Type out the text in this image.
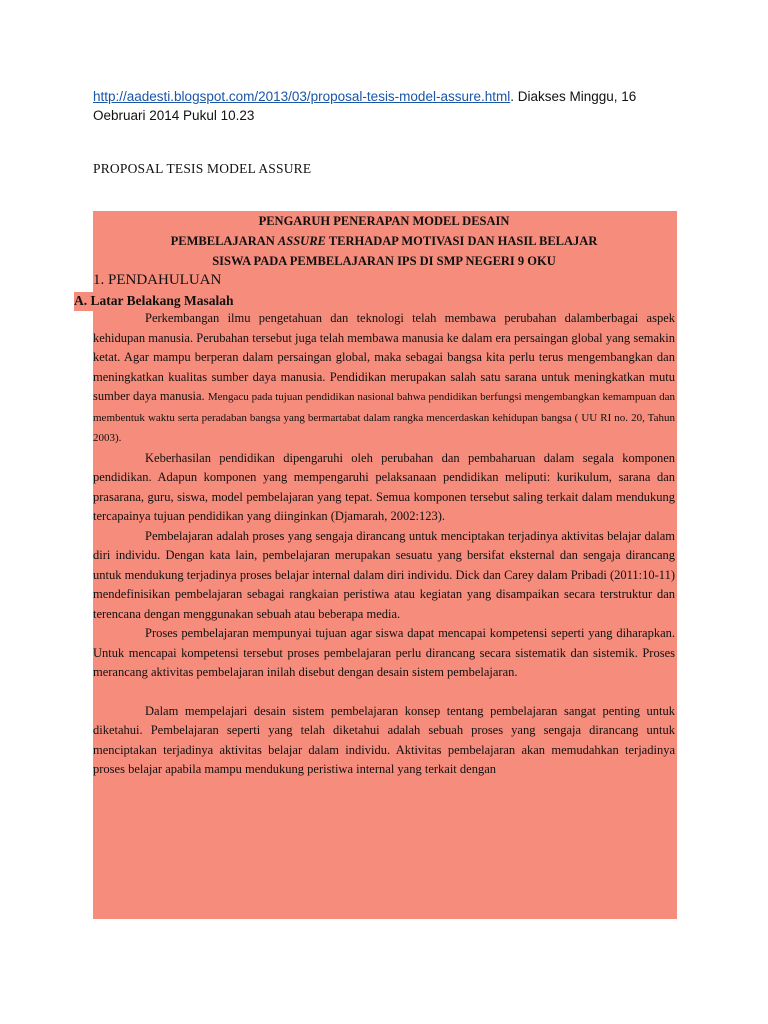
http://aadesti.blogspot.com/2013/03/proposal-tesis-model-assure.html. Diakses Minggu, 16 Oebruari 2014 Pukul 10.23
PROPOSAL TESIS MODEL ASSURE
PENGARUH PENERAPAN MODEL DESAIN
PEMBELAJARAN ASSURE TERHADAP MOTIVASI DAN HASIL BELAJAR
SISWA PADA PEMBELAJARAN IPS DI SMP NEGERI 9 OKU
1. PENDAHULUAN

Perkembangan ilmu pengetahuan dan teknologi telah membawa perubahan dalamberbagai aspek kehidupan manusia. Perubahan tersebut juga telah membawa manusia ke dalam era persaingan global yang semakin ketat. Agar mampu berperan dalam persaingan global, maka sebagai bangsa kita perlu terus mengembangkan dan meningkatkan kualitas sumber daya manusia. Pendidikan merupakan salah satu sarana untuk meningkatkan mutu sumber daya manusia. Mengacu pada tujuan pendidikan nasional bahwa pendidikan berfungsi mengembangkan kemampuan dan membentuk waktu serta peradaban bangsa yang bermartabat dalam rangka mencerdaskan kehidupan bangsa ( UU RI no. 20, Tahun 2003).

Keberhasilan pendidikan dipengaruhi oleh perubahan dan pembaharuan dalam segala komponen pendidikan. Adapun komponen yang mempengaruhi pelaksanaan pendidikan meliputi: kurikulum, sarana dan prasarana, guru, siswa, model pembelajaran yang tepat. Semua komponen tersebut saling terkait dalam mendukung tercapainya tujuan pendidikan yang diinginkan (Djamarah, 2002:123).

Pembelajaran adalah proses yang sengaja dirancang untuk menciptakan terjadinya aktivitas belajar dalam diri individu. Dengan kata lain, pembelajaran merupakan sesuatu yang bersifat eksternal dan sengaja dirancang untuk mendukung terjadinya proses belajar internal dalam diri individu. Dick dan Carey dalam Pribadi (2011:10-11) mendefinisikan pembelajaran sebagai rangkaian peristiwa atau kegiatan yang disampaikan secara terstruktur dan terencana dengan menggunakan sebuah atau beberapa media.

Proses pembelajaran mempunyai tujuan agar siswa dapat mencapai kompetensi seperti yang diharapkan. Untuk mencapai kompetensi tersebut proses pembelajaran perlu dirancang secara sistematik dan sistemik. Proses merancang aktivitas pembelajaran inilah disebut dengan desain sistem pembelajaran.

Dalam mempelajari desain sistem pembelajaran konsep tentang pembelajaran sangat penting untuk diketahui. Pembelajaran seperti yang telah diketahui adalah sebuah proses yang sengaja dirancang untuk menciptakan terjadinya aktivitas belajar dalam individu. Aktivitas pembelajaran akan memudahkan terjadinya proses belajar apabila mampu mendukung peristiwa internal yang terkait dengan

A. Latar Belakang Masalah
